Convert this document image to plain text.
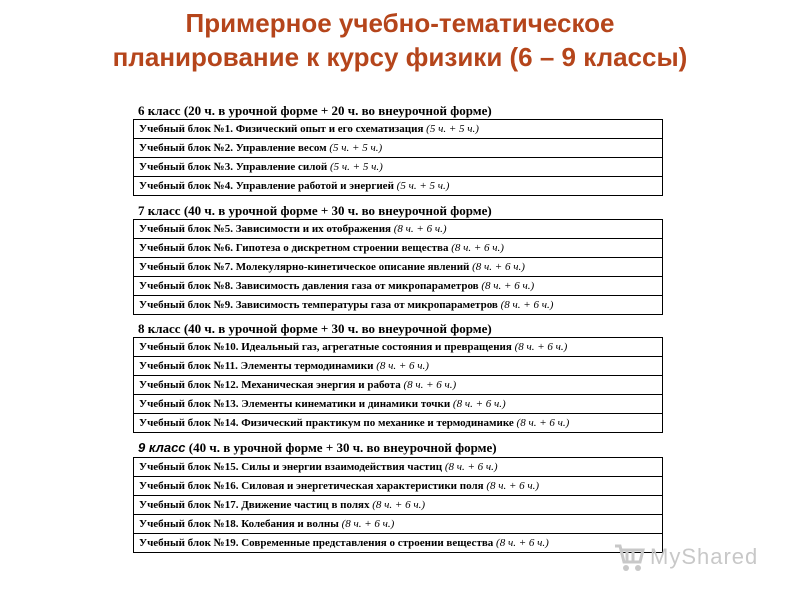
Примерное учебно-тематическое
планирование к курсу физики (6 – 9 классы)
6 класс (20 ч. в урочной форме + 20 ч. во внеурочной форме)
Учебный блок №1. Физический опыт и его схематизация (5 ч. + 5 ч.)
Учебный блок №2. Управление весом (5 ч. + 5 ч.)
Учебный блок №3. Управление силой (5 ч. + 5 ч.)
Учебный блок №4. Управление работой и энергией (5 ч. + 5 ч.)
7 класс (40 ч. в урочной форме + 30 ч. во внеурочной форме)
Учебный блок №5. Зависимости и их отображения (8 ч. + 6 ч.)
Учебный блок №6. Гипотеза о дискретном строении вещества (8 ч. + 6 ч.)
Учебный блок №7. Молекулярно-кинетическое описание явлений (8 ч. + 6 ч.)
Учебный блок №8. Зависимость давления газа от микропараметров (8 ч. + 6 ч.)
Учебный блок №9. Зависимость температуры газа от микропараметров (8 ч. + 6 ч.)
8 класс (40 ч. в урочной форме + 30 ч. во внеурочной форме)
Учебный блок №10. Идеальный газ, агрегатные состояния и превращения (8 ч. + 6 ч.)
Учебный блок №11. Элементы термодинамики (8 ч. + 6 ч.)
Учебный блок №12. Механическая энергия и работа (8 ч. + 6 ч.)
Учебный блок №13. Элементы кинематики и динамики точки (8 ч. + 6 ч.)
Учебный блок №14. Физический практикум по механике и термодинамике (8 ч. + 6 ч.)
9 класс (40 ч. в урочной форме + 30 ч. во внеурочной форме)
Учебный блок №15. Силы и энергии взаимодействия частиц (8 ч. + 6 ч.)
Учебный блок №16. Силовая и энергетическая характеристики поля (8 ч. + 6 ч.)
Учебный блок №17. Движение частиц в полях (8 ч. + 6 ч.)
Учебный блок №18. Колебания и волны (8 ч. + 6 ч.)
Учебный блок №19. Современные представления о строении вещества (8 ч. + 6 ч.)
MyShared
